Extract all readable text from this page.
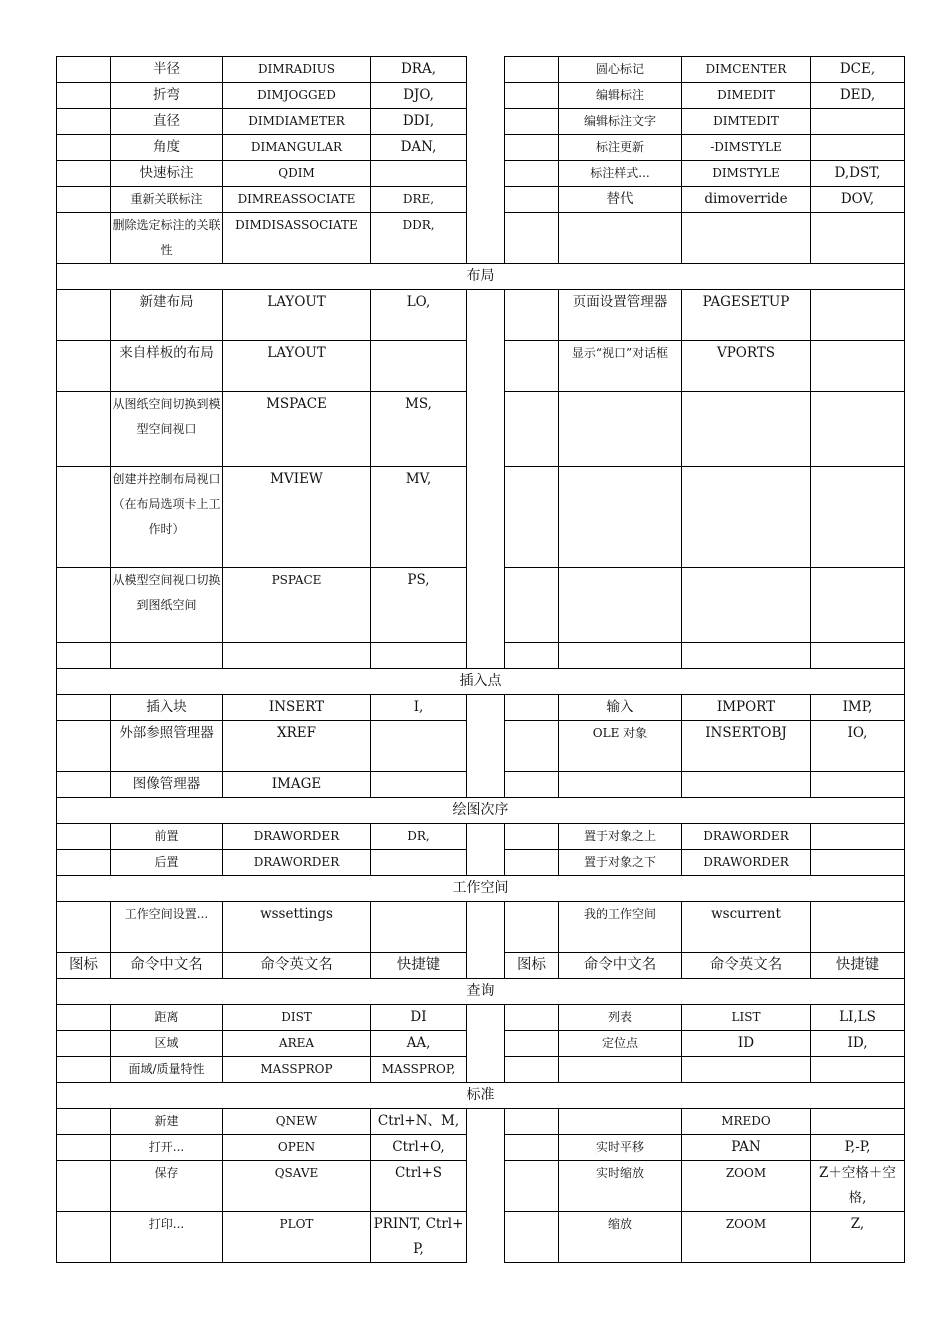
	半径	DIMRADIUS	DRA,			圆心标记	DIMCENTER	DCE,
	折弯	DIMJOGGED	DJO,			编辑标注	DIMEDIT	DED,
	直径	DIMDIAMETER	DDI,			编辑标注文字	DIMTEDIT	
	角度	DIMANGULAR	DAN,			标注更新	-DIMSTYLE	
	快速标注	QDIM				标注样式...	DIMSTYLE	D,DST,
	重新关联标注	DIMREASSOCIATE	DRE,			替代	dimoverride	DOV,
	删除选定标注的关联性	DIMDISASSOCIATE	DDR,					
布局								
	新建布局	LAYOUT	LO,			页面设置管理器	PAGESETUP	
	来自样板的布局	LAYOUT				显示“视口”对话框	VPORTS	
	从图纸空间切换到模型空间视口	MSPACE	MS,					
	创建并控制布局视口（在布局选项卡上工作时）	MVIEW	MV,					
	从模型空间视口切换到图纸空间	PSPACE	PS,					

插入点								
	插入块	INSERT	I,			输入	IMPORT	IMP,
	外部参照管理器	XREF				OLE 对象	INSERTOBJ	IO,
	图像管理器	IMAGE						
绘图次序								
	前置	DRAWORDER	DR,			置于对象之上	DRAWORDER	
	后置	DRAWORDER				置于对象之下	DRAWORDER	
工作空间								
	工作空间设置...	wssettings				我的工作空间	wscurrent	
图标	命令中文名	命令英文名	快捷键		图标	命令中文名	命令英文名	快捷键
查询								
	距离	DIST	DI			列表	LIST	LI,LS
	区域	AREA	AA,			定位点	ID	ID,
	面域/质量特性	MASSPROP	MASSPROP,					
标准								
	新建	QNEW	Ctrl+N、M,				MREDO	
	打开...	OPEN	Ctrl+O,			实时平移	PAN	P,-P,
	保存	QSAVE	Ctrl+S			实时缩放	ZOOM	Z＋空格＋空格,
	打印...	PLOT	PRINT, Ctrl+P,			缩放	ZOOM	Z,
